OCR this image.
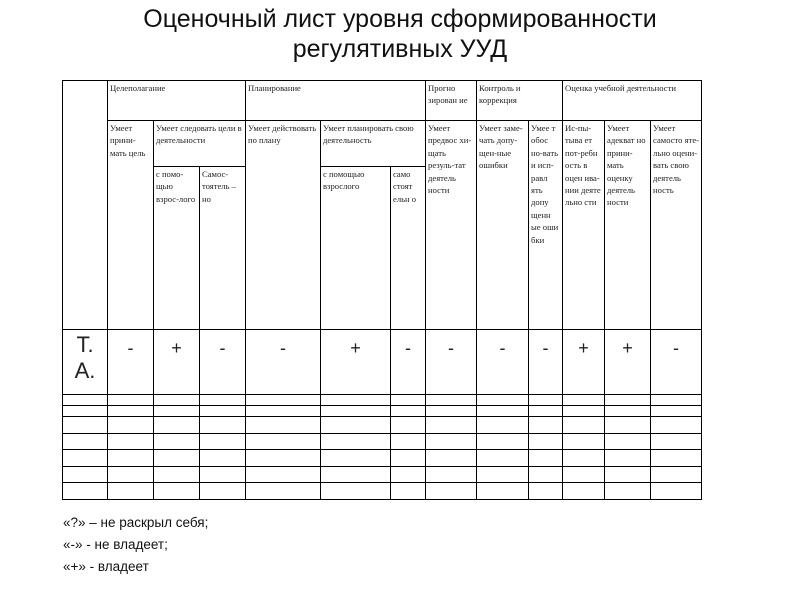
Оценочный лист уровня сформированности
регулятивных УУД
	Целеполагание			Планирование			Прогно зирован ие	Контроль и коррекция		Оценка учебной деятельности		
	Умеет прини-мать цель	Умеет следовать цели в деятельности		Умеет действовать по плану	Умеет планировать свою деятельность		Умеет предвос хи-щать резуль-тат деятель ности	Умеет заме-чать допу-щен-ные ошибки	Умее т обос но-вать и исп-равл ять допу щенн ые оши бки	Ис-пы-тыва ет пот-ребн ость в оцен ива-нии деяте льно сти	Умеет адекват но прини-мать оценку деятель ности	Умеет самосто яте-льно оцени-вать свою деятель ность
		с помо-щью взрос-лого	Самос-тоятель –но		с помощью взрослого	само стоят ельн о						
Т. А.	-	+	-	-	+	-	-	-	-	+	+	-

«?» – не раскрыл себя;
«-» - не владеет;
«+» - владеет
